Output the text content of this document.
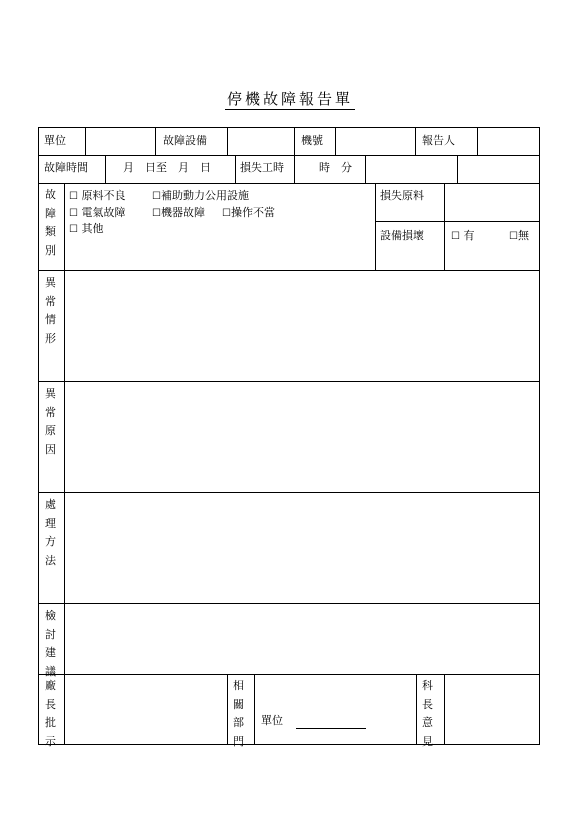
停機故障報告單
單位	故障設備	機號	報告人
故障時間	月　日至　月　日	損失工時	時　分
故障類別
☐ 原料不良	☐補助動力公用設施
☐ 電氣故障	☐機器故障 ☐操作不當
☐ 其他
損失原料
設備損壞	☐ 有	☐無
異常情形
異常原因
處理方法
檢討建議
廠長批示
相關部門
單位
科長意見
